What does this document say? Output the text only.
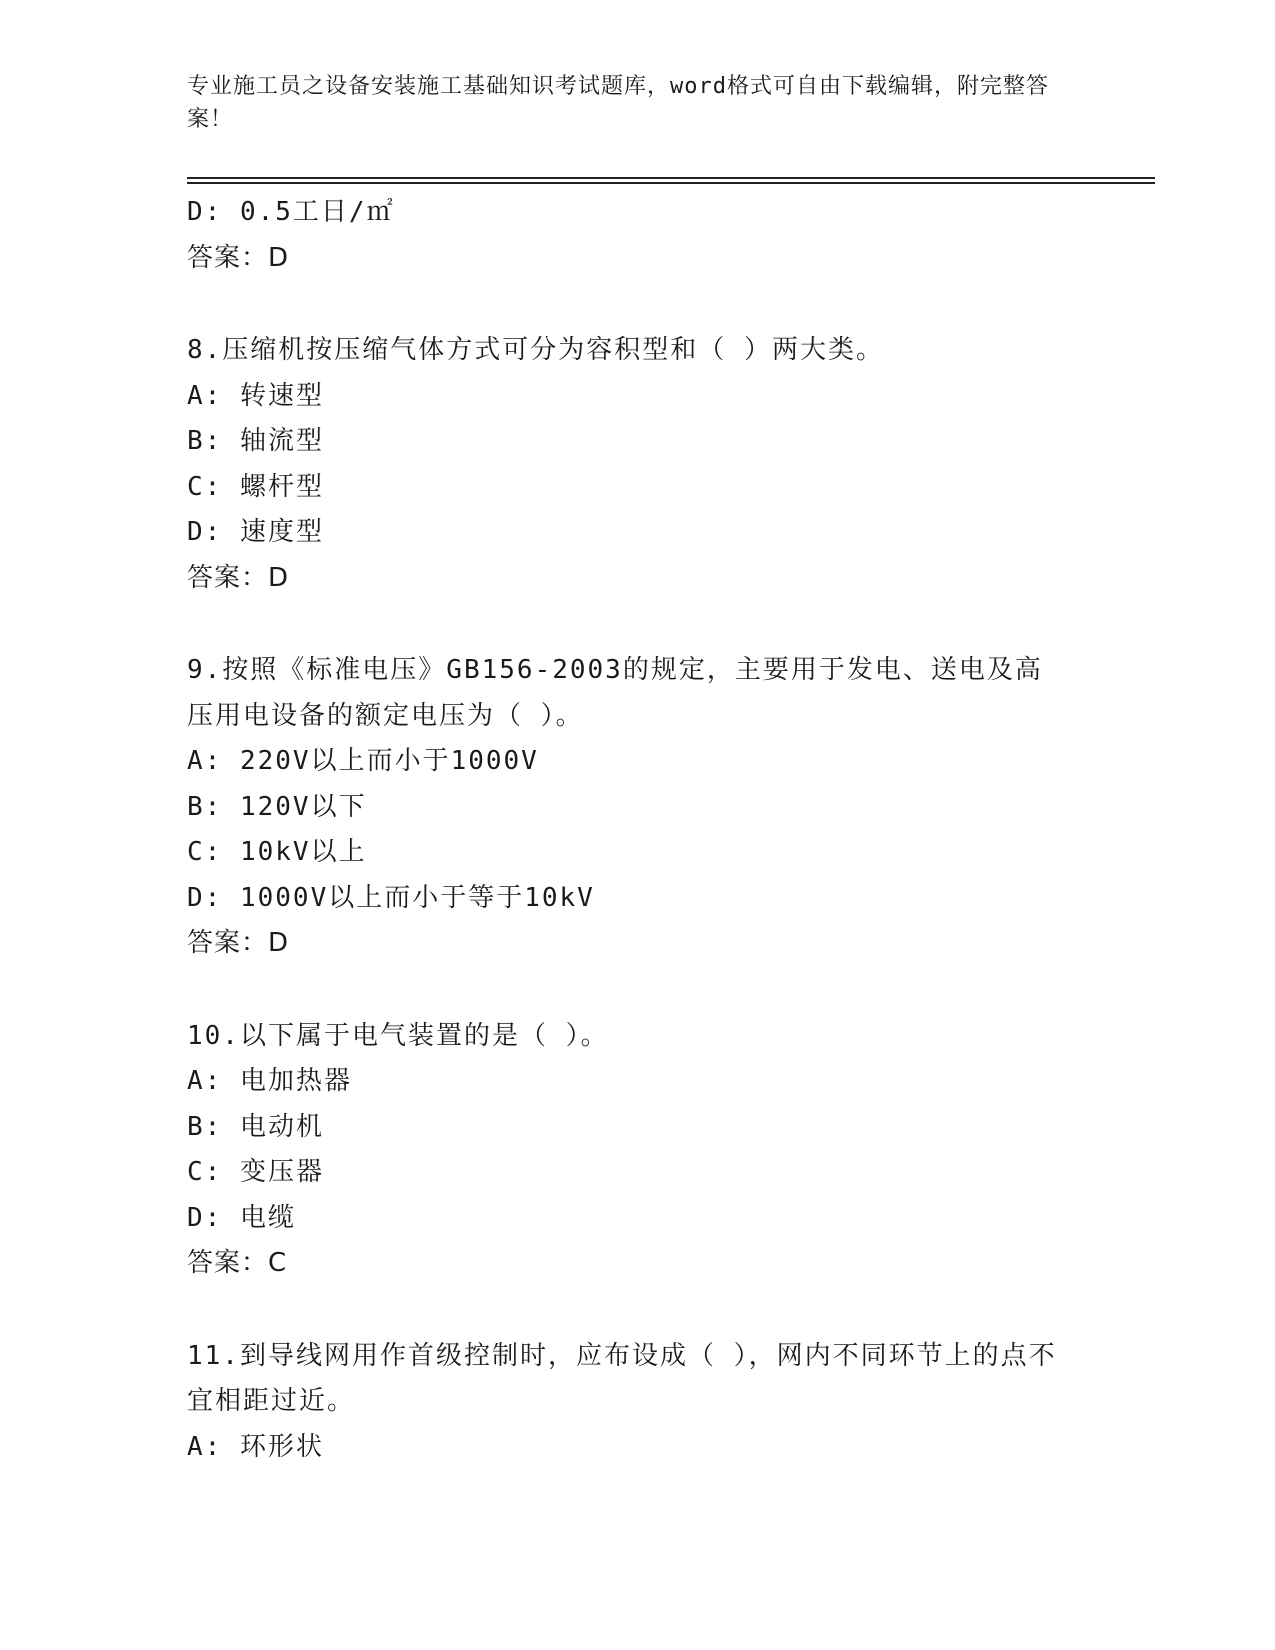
专业施工员之设备安装施工基础知识考试题库，word格式可自由下载编辑，附完整答案！
D: 0.5工日/㎡
答案：D
8.压缩机按压缩气体方式可分为容积型和（ ）两大类。
A: 转速型
B: 轴流型
C: 螺杆型
D: 速度型
答案：D
9.按照《标准电压》GB156-2003的规定，主要用于发电、送电及高压用电设备的额定电压为（ ）。
A: 220V以上而小于1000V
B: 120V以下
C: 10kV以上
D: 1000V以上而小于等于10kV
答案：D
10.以下属于电气装置的是（ ）。
A: 电加热器
B: 电动机
C: 变压器
D: 电缆
答案：C
11.到导线网用作首级控制时，应布设成（ ），网内不同环节上的点不宜相距过近。
A: 环形状
